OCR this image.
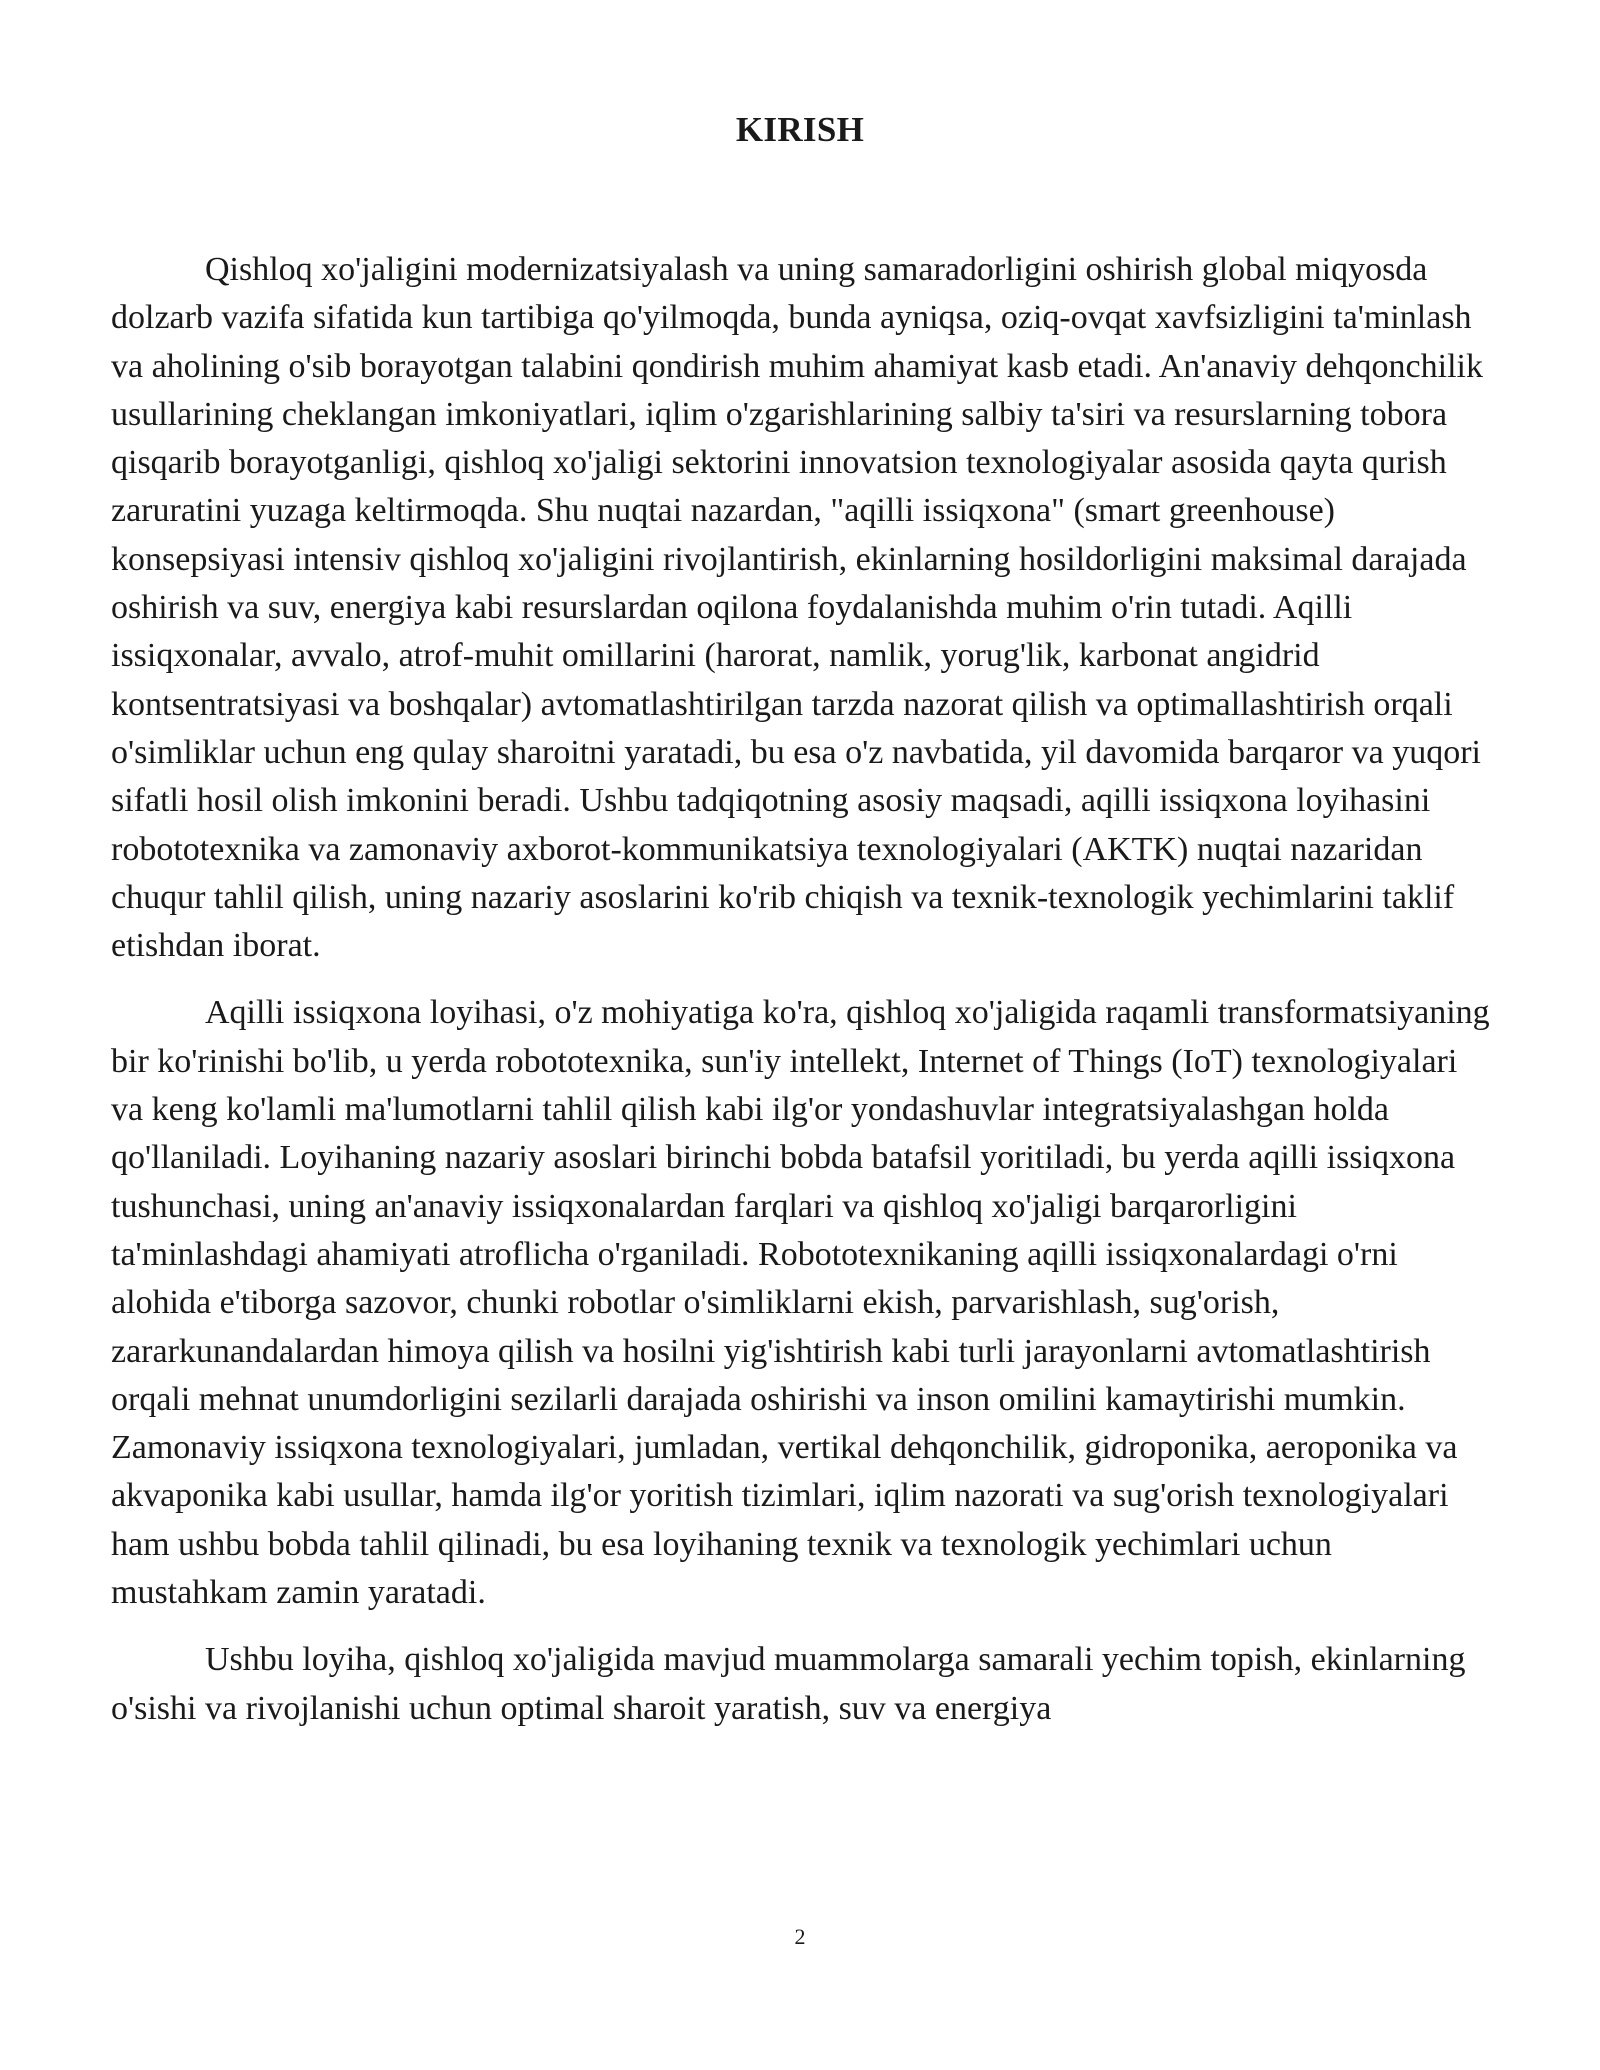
KIRISH

Qishloq xo'jaligini modernizatsiyalash va uning samaradorligini oshirish global miqyosda dolzarb vazifa sifatida kun tartibiga qo'yilmoqda, bunda ayniqsa, oziq-ovqat xavfsizligini ta'minlash va aholining o'sib borayotgan talabini qondirish muhim ahamiyat kasb etadi. An'anaviy dehqonchilik usullarining cheklangan imkoniyatlari, iqlim o'zgarishlarining salbiy ta'siri va resurslarning tobora qisqarib borayotganligi, qishloq xo'jaligi sektorini innovatsion texnologiyalar asosida qayta qurish zaruratini yuzaga keltirmoqda. Shu nuqtai nazardan, "aqilli issiqxona" (smart greenhouse) konsepsiyasi intensiv qishloq xo'jaligini rivojlantirish, ekinlarning hosildorligini maksimal darajada oshirish va suv, energiya kabi resurslardan oqilona foydalanishda muhim o'rin tutadi. Aqilli issiqxonalar, avvalo, atrof-muhit omillarini (harorat, namlik, yorug'lik, karbonat angidrid kontsentratsiyasi va boshqalar) avtomatlashtirilgan tarzda nazorat qilish va optimallashtirish orqali o'simliklar uchun eng qulay sharoitni yaratadi, bu esa o'z navbatida, yil davomida barqaror va yuqori sifatli hosil olish imkonini beradi. Ushbu tadqiqotning asosiy maqsadi, aqilli issiqxona loyihasini robototexnika va zamonaviy axborot-kommunikatsiya texnologiyalari (AKTK) nuqtai nazaridan chuqur tahlil qilish, uning nazariy asoslarini ko'rib chiqish va texnik-texnologik yechimlarini taklif etishdan iborat.

Aqilli issiqxona loyihasi, o'z mohiyatiga ko'ra, qishloq xo'jaligida raqamli transformatsiyaning bir ko'rinishi bo'lib, u yerda robototexnika, sun'iy intellekt, Internet of Things (IoT) texnologiyalari va keng ko'lamli ma'lumotlarni tahlil qilish kabi ilg'or yondashuvlar integratsiyalashgan holda qo'llaniladi. Loyihaning nazariy asoslari birinchi bobda batafsil yoritiladi, bu yerda aqilli issiqxona tushunchasi, uning an'anaviy issiqxonalardan farqlari va qishloq xo'jaligi barqarorligini ta'minlashdagi ahamiyati atroflicha o'rganiladi. Robototexnikaning aqilli issiqxonalardagi o'rni alohida e'tiborga sazovor, chunki robotlar o'simliklarni ekish, parvarishlash, sug'orish, zararkunandalardan himoya qilish va hosilni yig'ishtirish kabi turli jarayonlarni avtomatlashtirish orqali mehnat unumdorligini sezilarli darajada oshirishi va inson omilini kamaytirishi mumkin. Zamonaviy issiqxona texnologiyalari, jumladan, vertikal dehqonchilik, gidroponika, aeroponika va akvaponika kabi usullar, hamda ilg'or yoritish tizimlari, iqlim nazorati va sug'orish texnologiyalari ham ushbu bobda tahlil qilinadi, bu esa loyihaning texnik va texnologik yechimlari uchun mustahkam zamin yaratadi.

Ushbu loyiha, qishloq xo'jaligida mavjud muammolarga samarali yechim topish, ekinlarning o'sishi va rivojlanishi uchun optimal sharoit yaratish, suv va energiya

2
